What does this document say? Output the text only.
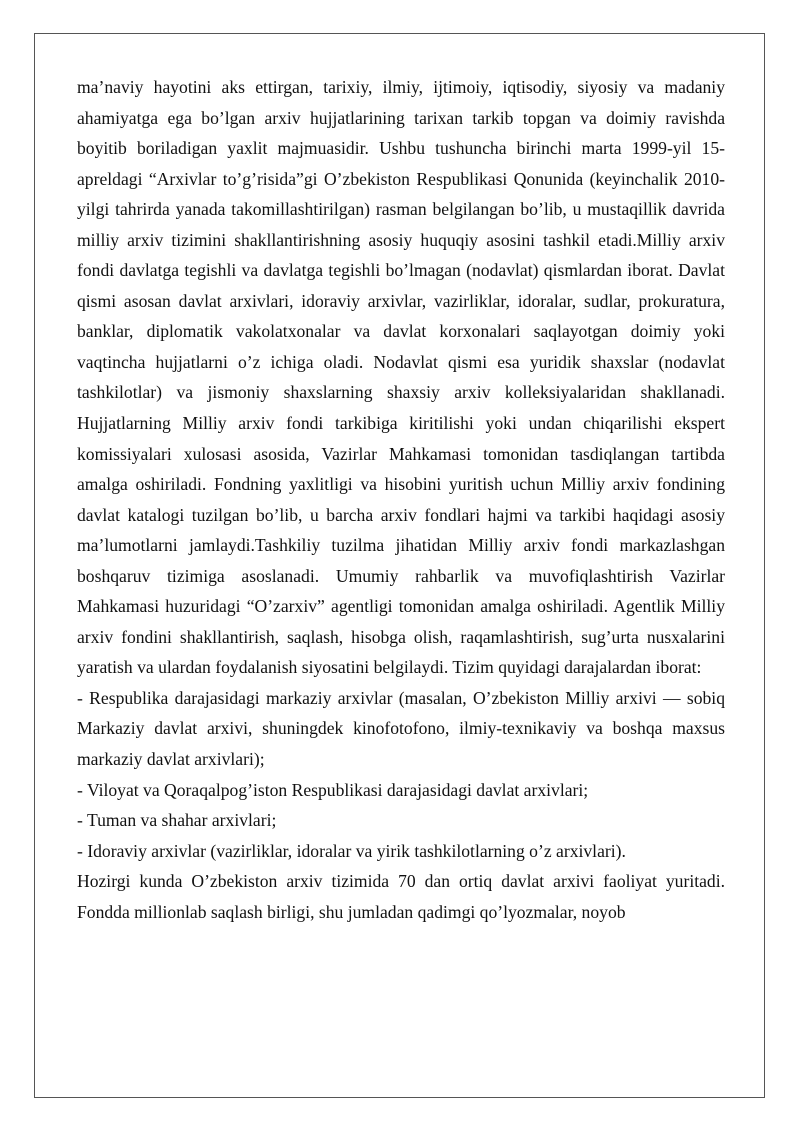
ma’naviy hayotini aks ettirgan, tarixiy, ilmiy, ijtimoiy, iqtisodiy, siyosiy va madaniy ahamiyatga ega bo’lgan arxiv hujjatlarining tarixan tarkib topgan va doimiy ravishda boyitib boriladigan yaxlit majmuasidir. Ushbu tushuncha birinchi marta 1999-yil 15-apreldagi “Arxivlar to’g’risida”gi O’zbekiston Respublikasi Qonunida (keyinchalik 2010-yilgi tahrirda yanada takomillashtirilgan) rasman belgilangan bo’lib, u mustaqillik davrida milliy arxiv tizimini shakllantirishning asosiy huquqiy asosini tashkil etadi.Milliy arxiv fondi davlatga tegishli va davlatga tegishli bo’lmagan (nodavlat) qismlardan iborat. Davlat qismi asosan davlat arxivlari, idoraviy arxivlar, vazirliklar, idoralar, sudlar, prokuratura, banklar, diplomatik vakolatxonalar va davlat korxonalari saqlayotgan doimiy yoki vaqtincha hujjatlarni o’z ichiga oladi. Nodavlat qismi esa yuridik shaxslar (nodavlat tashkilotlar) va jismoniy shaxslarning shaxsiy arxiv kolleksiyalaridan shakllanadi. Hujjatlarning Milliy arxiv fondi tarkibiga kiritilishi yoki undan chiqarilishi ekspert komissiyalari xulosasi asosida, Vazirlar Mahkamasi tomonidan tasdiqlangan tartibda amalga oshiriladi. Fondning yaxlitligi va hisobini yuritish uchun Milliy arxiv fondining davlat katalogi tuzilgan bo’lib, u barcha arxiv fondlari hajmi va tarkibi haqidagi asosiy ma’lumotlarni jamlaydi.Tashkiliy tuzilma jihatidan Milliy arxiv fondi markazlashgan boshqaruv tizimiga asoslanadi. Umumiy rahbarlik va muvofiqlashtirish Vazirlar Mahkamasi huzuridagi “O’zarxiv” agentligi tomonidan amalga oshiriladi. Agentlik Milliy arxiv fondini shakllantirish, saqlash, hisobga olish, raqamlashtirish, sug’urta nusxalarini yaratish va ulardan foydalanish siyosatini belgilaydi. Tizim quyidagi darajalardan iborat:

- Respublika darajasidagi markaziy arxivlar (masalan, O’zbekiston Milliy arxivi — sobiq Markaziy davlat arxivi, shuningdek kinofotofono, ilmiy-texnikaviy va boshqa maxsus markaziy davlat arxivlari);

- Viloyat va Qoraqalpog’iston Respublikasi darajasidagi davlat arxivlari;

- Tuman va shahar arxivlari;

- Idoraviy arxivlar (vazirliklar, idoralar va yirik tashkilotlarning o’z arxivlari).

Hozirgi kunda O’zbekiston arxiv tizimida 70 dan ortiq davlat arxivi faoliyat yuritadi. Fondda millionlab saqlash birligi, shu jumladan qadimgi qo’lyozmalar, noyob
